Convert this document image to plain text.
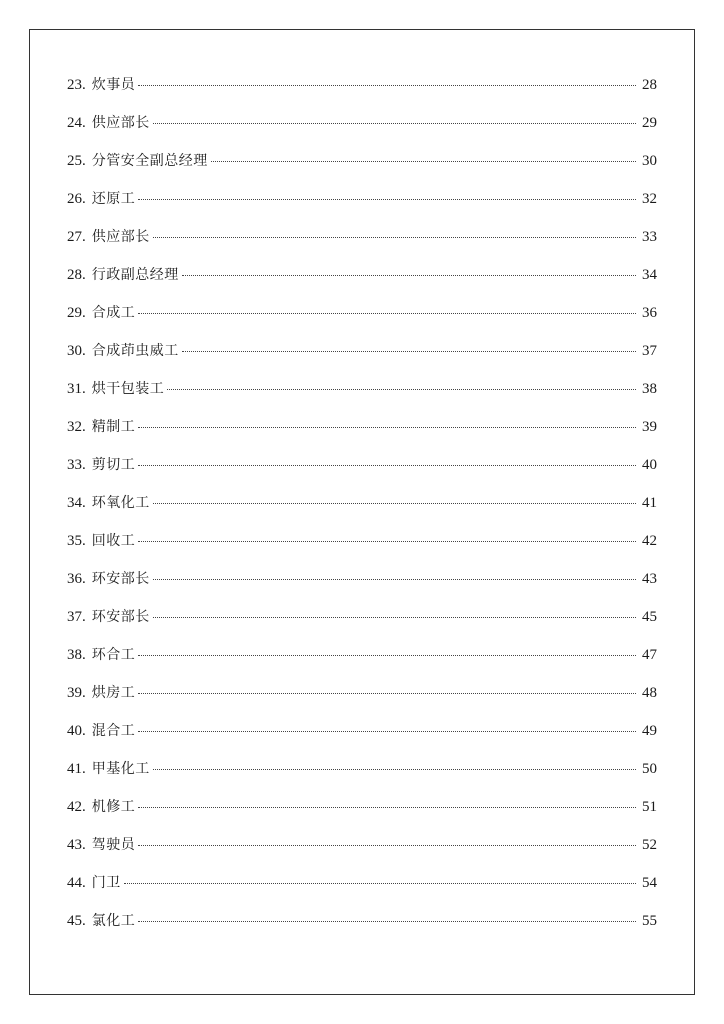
23. 炊事员	28
24. 供应部长	29
25. 分管安全副总经理	30
26. 还原工	32
27. 供应部长	33
28. 行政副总经理	34
29. 合成工	36
30. 合成茚虫威工	37
31. 烘干包装工	38
32. 精制工	39
33. 剪切工	40
34. 环氧化工	41
35. 回收工	42
36. 环安部长	43
37. 环安部长	45
38. 环合工	47
39. 烘房工	48
40. 混合工	49
41. 甲基化工	50
42. 机修工	51
43. 驾驶员	52
44. 门卫	54
45. 氯化工	55
